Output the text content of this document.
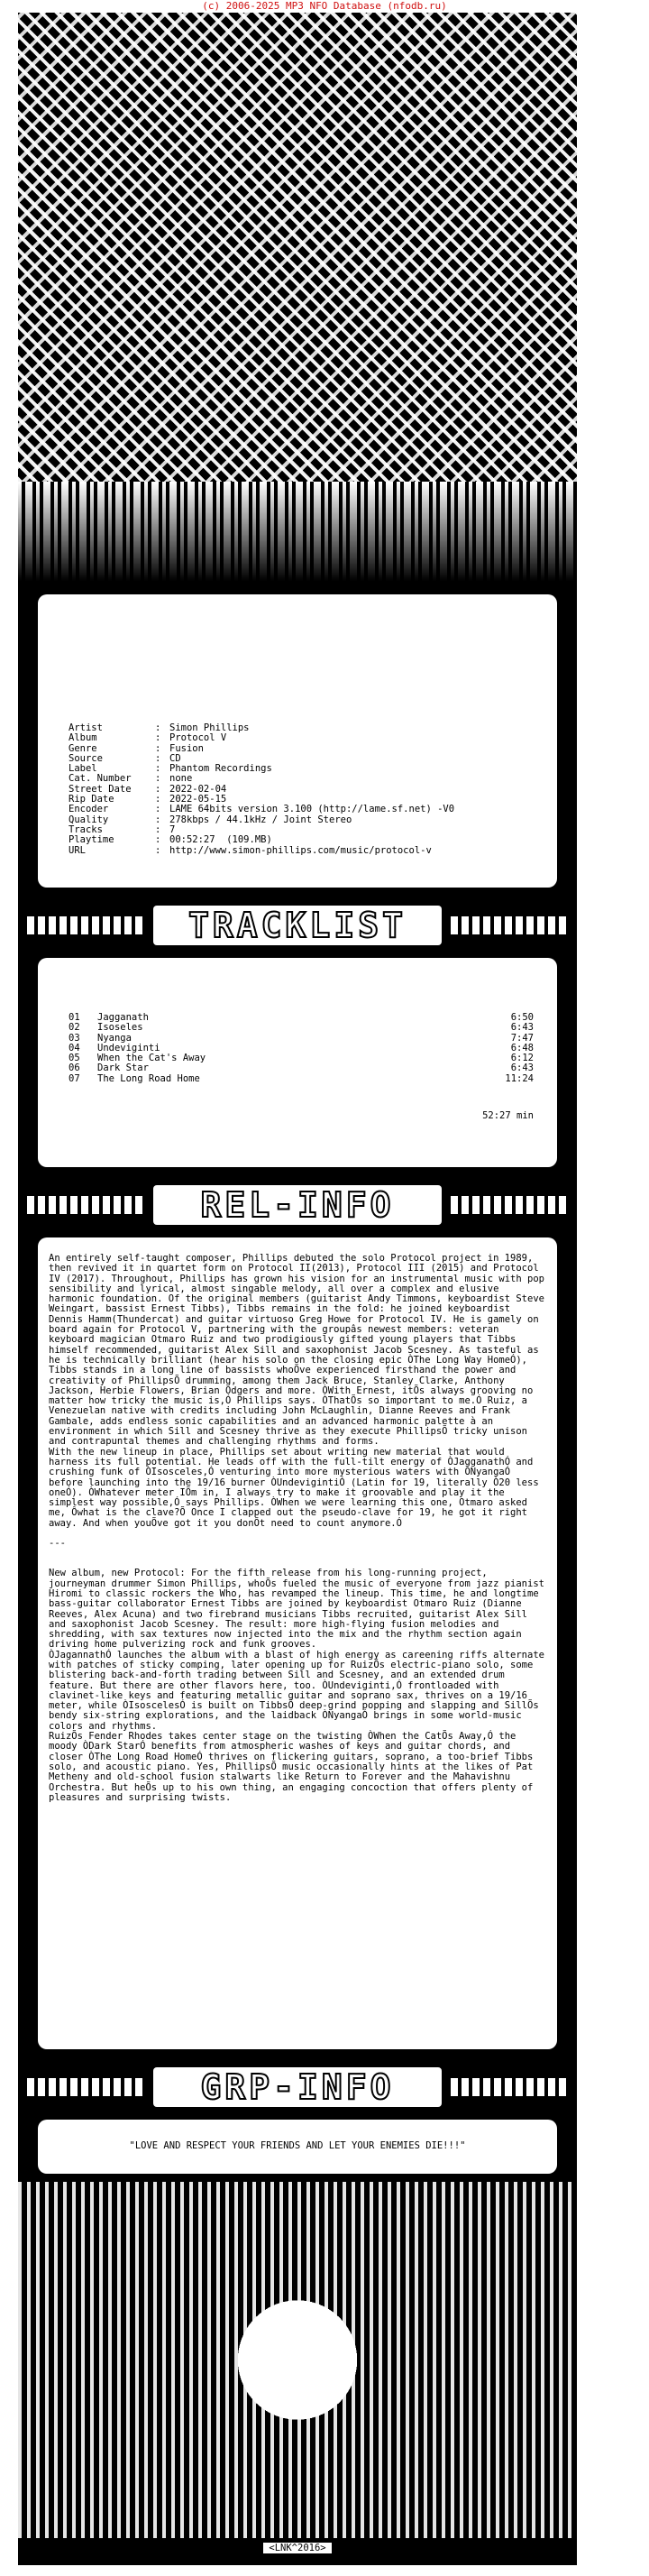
(c) 2006-2025 MP3 NFO Database (nfodb.ru)
Artist	: Simon Phillips
Album	: Protocol V
Genre	: Fusion
Source	: CD
Label	: Phantom Recordings
Cat. Number	: none
Street Date	: 2022-02-04
Rip Date	: 2022-05-15
Encoder	: LAME 64bits version 3.100 (http://lame.sf.net) -V0
Quality	: 278kbps / 44.1kHz / Joint Stereo
Tracks	: 7
Playtime	: 00:52:27  (109.MB)
URL	: http://www.simon-phillips.com/music/protocol-v
TRACKLIST
01	Jagganath	6:50
02	Isoseles	6:43
03	Nyanga	7:47
04	Undeviginti	6:48
05	When the Cat's Away	6:12
06	Dark Star	6:43
07	The Long Road Home	11:24
52:27 min
REL-INFO

An entirely self-taught composer, Phillips debuted the solo Protocol project in 1989, then revived it in quartet form on Protocol II(2013), Protocol III (2015) and Protocol IV (2017). Throughout, Phillips has grown his vision for an instrumental music with pop sensibility and lyrical, almost singable melody, all over a complex and elusive harmonic foundation. Of the original members (guitarist Andy Timmons, keyboardist Steve Weingart, bassist Ernest Tibbs), Tibbs remains in the fold: he joined keyboardist Dennis Hamm(Thundercat) and guitar virtuoso Greg Howe for Protocol IV. He is gamely on board again for Protocol V, partnering with the groupâs newest members: veteran keyboard magician Otmaro Ruiz and two prodigiously gifted young players that Tibbs himself recommended, guitarist Alex Sill and saxophonist Jacob Scesney. As tasteful as he is technically brilliant (hear his solo on the closing epic ÒThe Long Way HomeÓ), Tibbs stands in a long line of bassists whoÕve experienced firsthand the power and creativity of PhillipsÕ drumming, among them Jack Bruce, Stanley Clarke, Anthony Jackson, Herbie Flowers, Brian Odgers and more. ÒWith Ernest, itÕs always grooving no matter how tricky the music is,Ó Phillips says. ÒThatÕs so important to me.Ó Ruiz, a Venezuelan native with credits including John McLaughlin, Dianne Reeves and Frank Gambale, adds endless sonic capabilities and an advanced harmonic palette à an environment in which Sill and Scesney thrive as they execute PhillipsÕ tricky unison and contrapuntal themes and challenging rhythms and forms.

With the new lineup in place, Phillips set about writing new material that would harness its full potential. He leads off with the full-tilt energy of ÒJagganathÓ and crushing funk of ÒIsosceles,Ó venturing into more mysterious waters with ÒNyangaÓ before launching into the 19/16 burner ÒUndevigintiÓ (Latin for 19, literally Ò20 less oneÓ). ÒWhatever meter IÕm in, I always try to make it groovable and play it the simplest way possible,Ó says Phillips. ÒWhen we were learning this one, Otmaro asked me, Ôwhat is the clave?Õ Once I clapped out the pseudo-clave for 19, he got it right away. And when youÕve got it you donÕt need to count anymore.Ó

---

New album, new Protocol: For the fifth release from his long-running project, journeyman drummer Simon Phillips, whoÕs fueled the music of everyone from jazz pianist Hiromi to classic rockers the Who, has revamped the lineup. This time, he and longtime bass-guitar collaborator Ernest Tibbs are joined by keyboardist Otmaro Ruiz (Dianne Reeves, Alex Acuna) and two firebrand musicians Tibbs recruited, guitarist Alex Sill and saxophonist Jacob Scesney. The result: more high-flying fusion melodies and shredding, with sax textures now injected into the mix and the rhythm section again driving home pulverizing rock and funk grooves.

ÒJagannathÓ launches the album with a blast of high energy as careening riffs alternate with patches of sticky comping, later opening up for RuizÕs electric-piano solo, some blistering back-and-forth trading between Sill and Scesney, and an extended drum feature. But there are other flavors here, too. ÒUndeviginti,Ó frontloaded with clavinet-like keys and featuring metallic guitar and soprano sax, thrives on a 19/16 meter, while ÒIsoscelesÓ is built on TibbsÕ deep-grind popping and slapping and SillÕs bendy six-string explorations, and the laidback ÒNyangaÓ brings in some world-music colors and rhythms.

RuizÕs Fender Rhodes takes center stage on the twisting ÒWhen the CatÕs Away,Ó the moody ÒDark StarÓ benefits from atmospheric washes of keys and guitar chords, and closer ÒThe Long Road HomeÓ thrives on flickering guitars, soprano, a too-brief Tibbs solo, and acoustic piano. Yes, PhillipsÕ music occasionally hints at the likes of Pat Metheny and old-school fusion stalwarts like Return to Forever and the Mahavishnu Orchestra. But heÕs up to his own thing, an engaging concoction that offers plenty of pleasures and surprising twists.

GRP-INFO
"LOVE AND RESPECT YOUR FRIENDS AND LET YOUR ENEMIES DIE!!!"
<LNK^2016>
